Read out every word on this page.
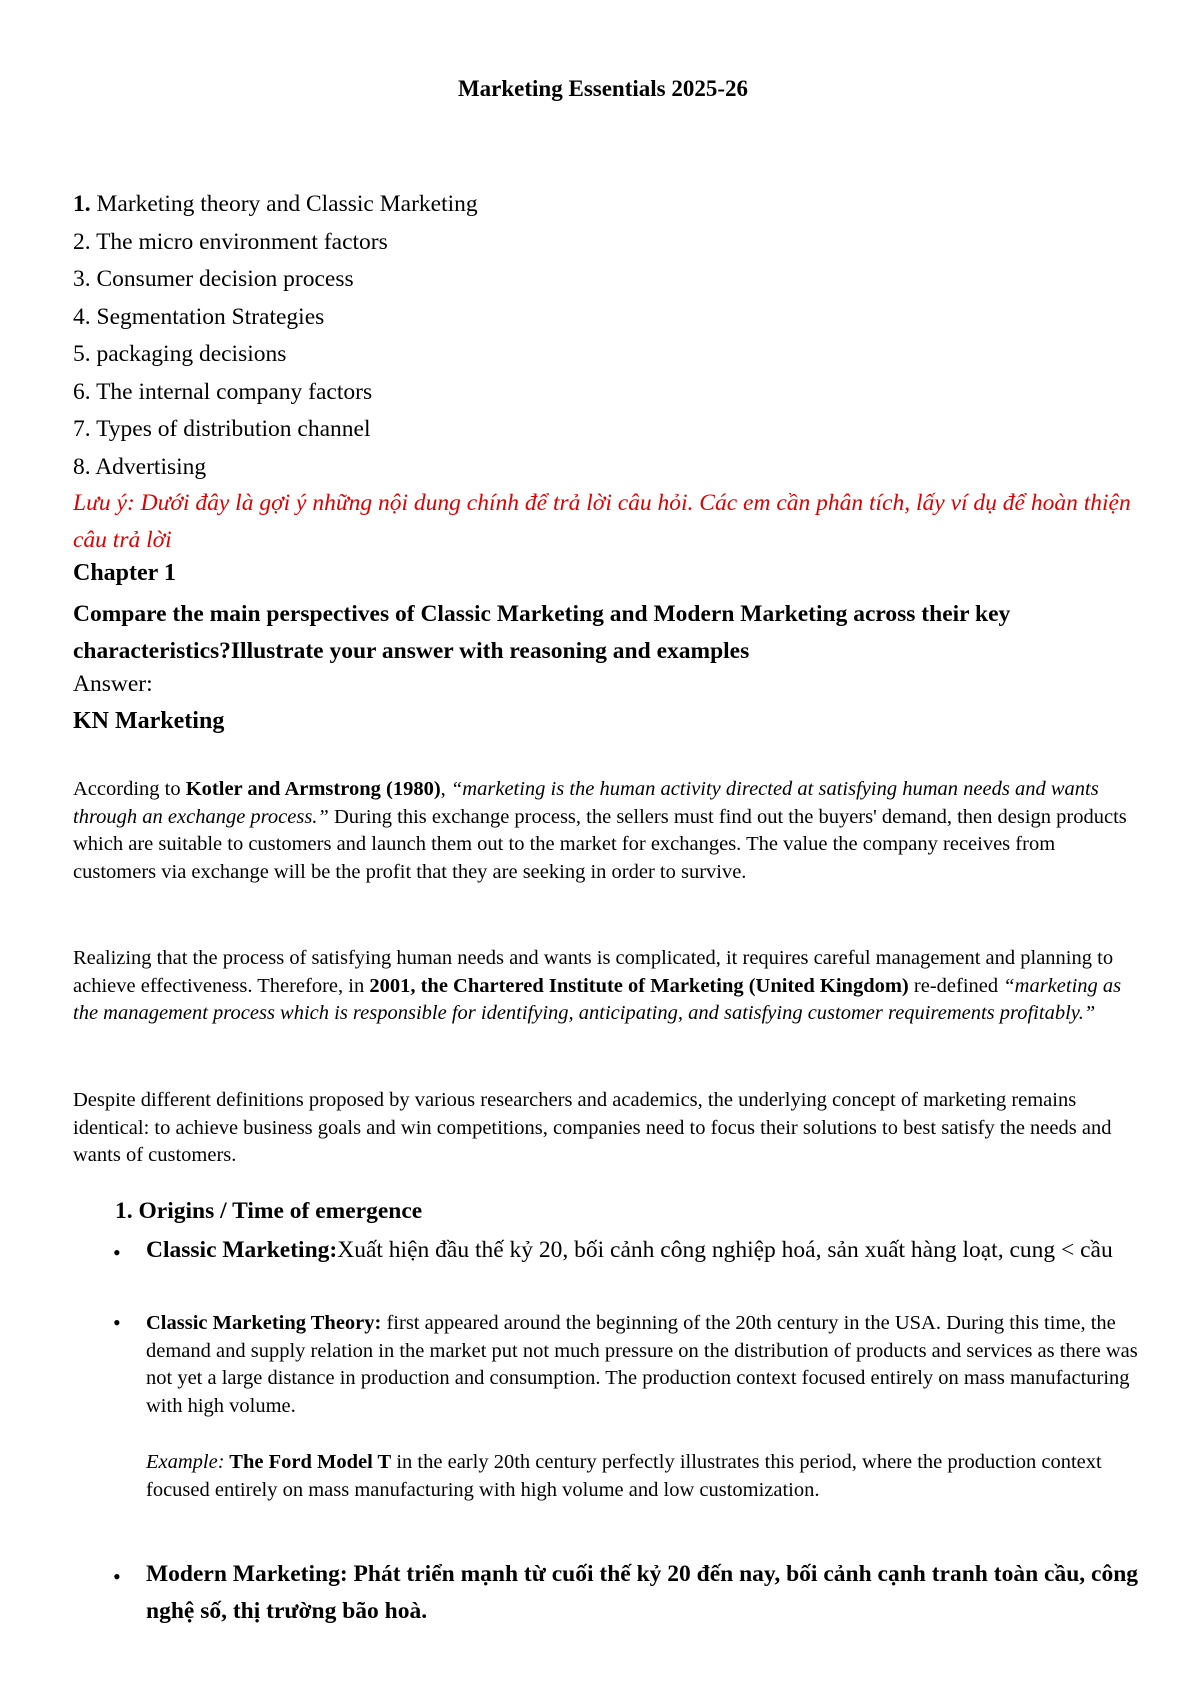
Marketing Essentials 2025-26
1. Marketing theory and Classic Marketing
2. The micro environment factors
3. Consumer decision process
4. Segmentation Strategies
5. packaging decisions
6. The internal company factors
7. Types of distribution channel
8. Advertising
Lưu ý: Dưới đây là gợi ý những nội dung chính để trả lời câu hỏi. Các em cần phân tích, lấy ví dụ để hoàn thiện câu trả lời
Chapter 1
Compare the main perspectives of Classic Marketing and Modern Marketing across their key characteristics?Illustrate your answer with reasoning and examples
Answer:
KN Marketing
According to Kotler and Armstrong (1980), “marketing is the human activity directed at satisfying human needs and wants through an exchange process.” During this exchange process, the sellers must find out the buyers' demand, then design products which are suitable to customers and launch them out to the market for exchanges. The value the company receives from customers via exchange will be the profit that they are seeking in order to survive.
Realizing that the process of satisfying human needs and wants is complicated, it requires careful management and planning to achieve effectiveness. Therefore, in 2001, the Chartered Institute of Marketing (United Kingdom) re-defined “marketing as the management process which is responsible for identifying, anticipating, and satisfying customer requirements profitably.”
Despite different definitions proposed by various researchers and academics, the underlying concept of marketing remains identical: to achieve business goals and win competitions, companies need to focus their solutions to best satisfy the needs and wants of customers.
1. Origins / Time of emergence
• Classic Marketing:Xuất hiện đầu thế kỷ 20, bối cảnh công nghiệp hoá, sản xuất hàng loạt, cung < cầu
• Classic Marketing Theory: first appeared around the beginning of the 20th century in the USA. During this time, the demand and supply relation in the market put not much pressure on the distribution of products and services as there was not yet a large distance in production and consumption. The production context focused entirely on mass manufacturing with high volume.
Example: The Ford Model T in the early 20th century perfectly illustrates this period, where the production context focused entirely on mass manufacturing with high volume and low customization.
• Modern Marketing: Phát triển mạnh từ cuối thế kỷ 20 đến nay, bối cảnh cạnh tranh toàn cầu, công nghệ số, thị trường bão hoà.
